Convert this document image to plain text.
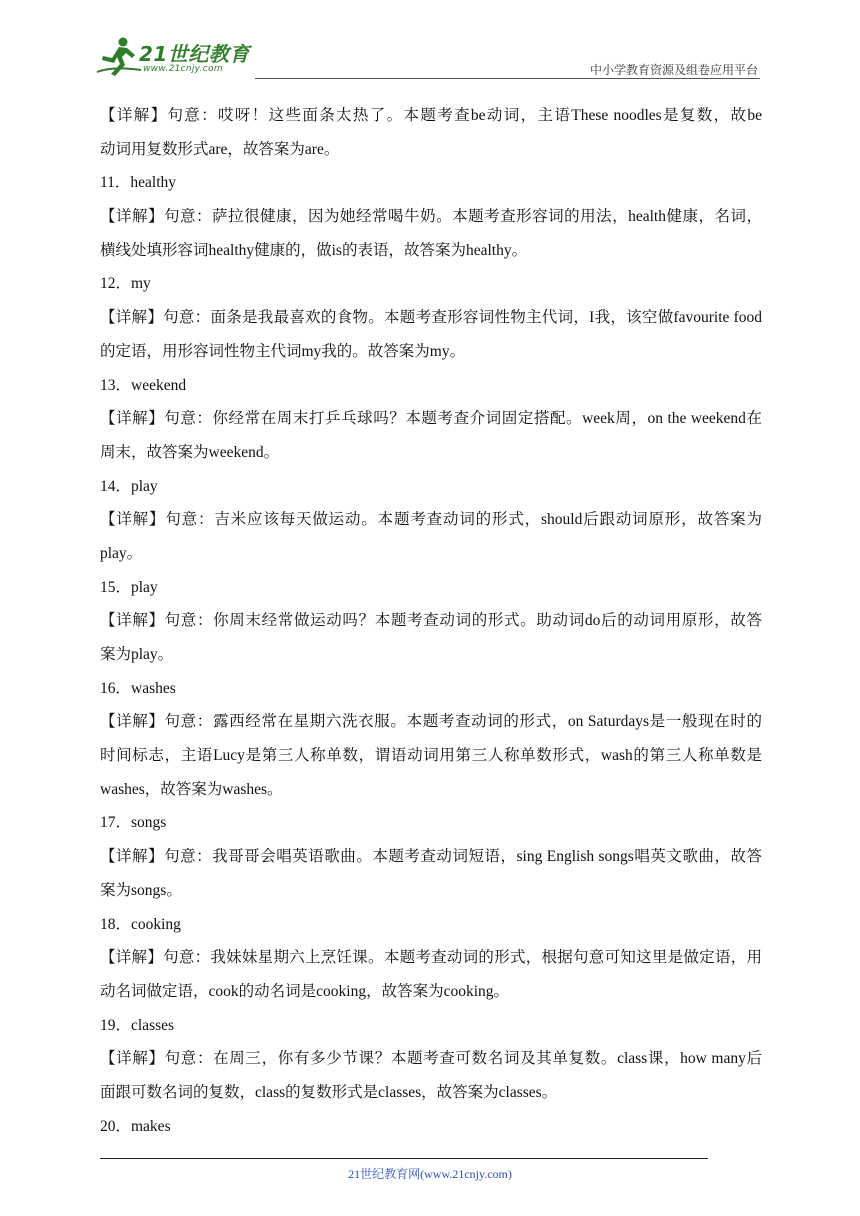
21世纪教育
www.21cnjy.com	中小学教育资源及组卷应用平台
【详解】句意：哎呀！这些面条太热了。本题考查be动词，主语These noodles是复数，故be
动词用复数形式are，故答案为are。
11．healthy
【详解】句意：萨拉很健康，因为她经常喝牛奶。本题考查形容词的用法，health健康，名词，
横线处填形容词healthy健康的，做is的表语，故答案为healthy。
12．my
【详解】句意：面条是我最喜欢的食物。本题考查形容词性物主代词，I我，该空做favourite food
的定语，用形容词性物主代词my我的。故答案为my。
13．weekend
【详解】句意：你经常在周末打乒乓球吗？本题考查介词固定搭配。week周，on the weekend在
周末，故答案为weekend。
14．play
【详解】句意：吉米应该每天做运动。本题考查动词的形式，should后跟动词原形，故答案为
play。
15．play
【详解】句意：你周末经常做运动吗？本题考查动词的形式。助动词do后的动词用原形，故答
案为play。
16．washes
【详解】句意：露西经常在星期六洗衣服。本题考查动词的形式，on Saturdays是一般现在时的
时间标志，主语Lucy是第三人称单数，谓语动词用第三人称单数形式，wash的第三人称单数是
washes，故答案为washes。
17．songs
【详解】句意：我哥哥会唱英语歌曲。本题考查动词短语，sing English songs唱英文歌曲，故答
案为songs。
18．cooking
【详解】句意：我妹妹星期六上烹饪课。本题考查动词的形式，根据句意可知这里是做定语，用
动名词做定语，cook的动名词是cooking，故答案为cooking。
19．classes
【详解】句意：在周三，你有多少节课？本题考查可数名词及其单复数。class课，how many后
面跟可数名词的复数，class的复数形式是classes，故答案为classes。
20．makes
21世纪教育网(www.21cnjy.com)
